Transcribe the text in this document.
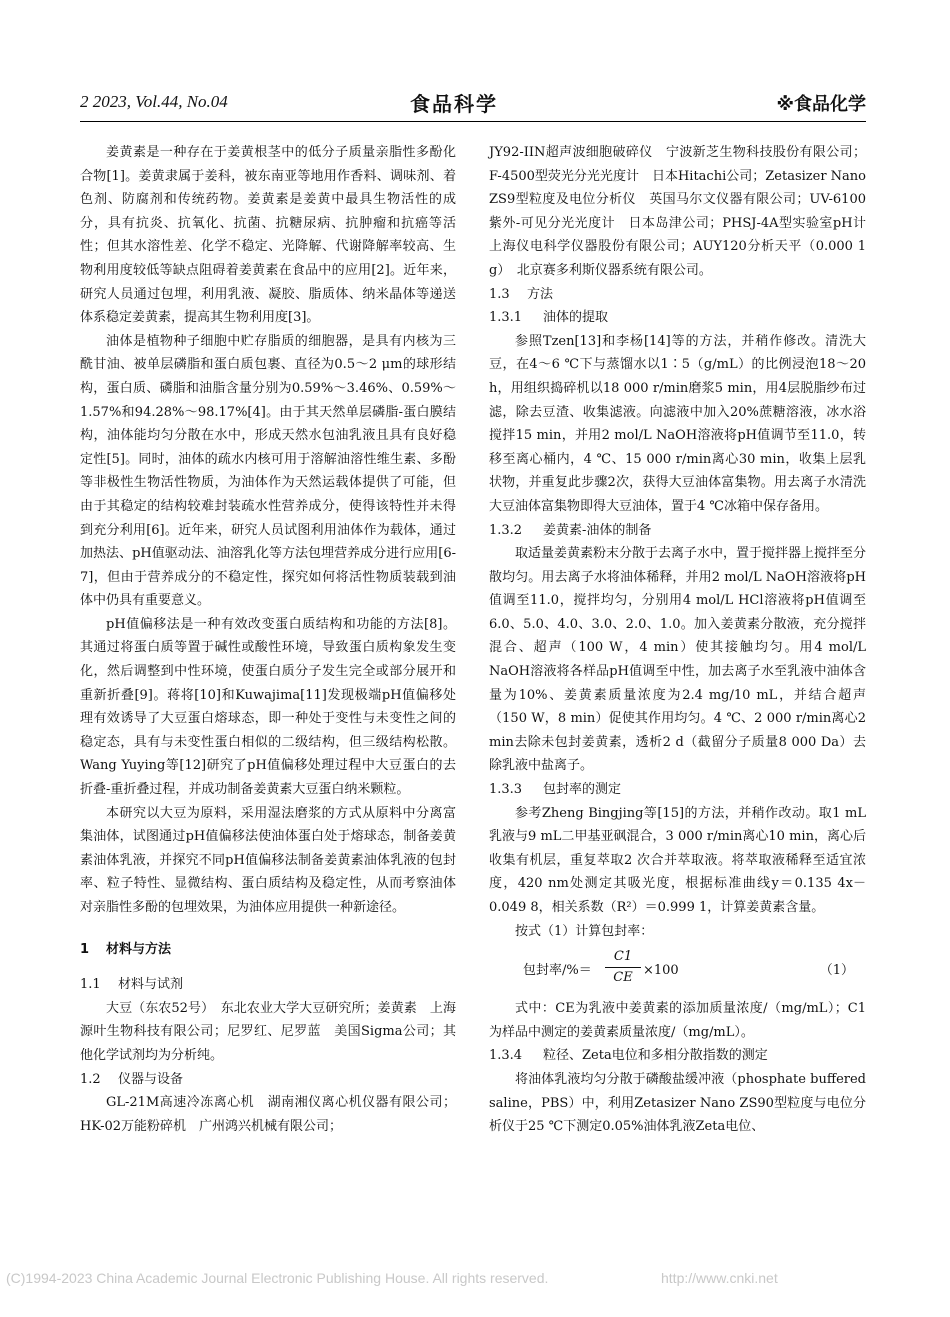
2 2023, Vol.44, No.04	食品科学	※食品化学

姜黄素是一种存在于姜黄根茎中的低分子质量亲脂性多酚化合物[1]。姜黄隶属于姜科，被东南亚等地用作香料、调味剂、着色剂、防腐剂和传统药物。姜黄素是姜黄中最具生物活性的成分，具有抗炎、抗氧化、抗菌、抗糖尿病、抗肿瘤和抗癌等活性；但其水溶性差、化学不稳定、光降解、代谢降解率较高、生物利用度较低等缺点阻碍着姜黄素在食品中的应用[2]。近年来，研究人员通过包埋，利用乳液、凝胶、脂质体、纳米晶体等递送体系稳定姜黄素，提高其生物利用度[3]。

油体是植物种子细胞中贮存脂质的细胞器，是具有内核为三酰甘油、被单层磷脂和蛋白质包裹、直径为0.5～2 μm的球形结构，蛋白质、磷脂和油脂含量分别为0.59%～3.46%、0.59%～1.57%和94.28%～98.17%[4]。由于其天然单层磷脂-蛋白膜结构，油体能均匀分散在水中，形成天然水包油乳液且具有良好稳定性[5]。同时，油体的疏水内核可用于溶解油溶性维生素、多酚等非极性生物活性物质，为油体作为天然运载体提供了可能，但由于其稳定的结构较难封装疏水性营养成分，使得该特性并未得到充分利用[6]。近年来，研究人员试图利用油体作为载体，通过加热法、pH值驱动法、油溶乳化等方法包埋营养成分进行应用[6-7]，但由于营养成分的不稳定性，探究如何将活性物质装载到油体中仍具有重要意义。

pH值偏移法是一种有效改变蛋白质结构和功能的方法[8]。其通过将蛋白质等置于碱性或酸性环境，导致蛋白质构象发生变化，然后调整到中性环境，使蛋白质分子发生完全或部分展开和重新折叠[9]。蒋将[10]和Kuwajima[11]发现极端pH值偏移处理有效诱导了大豆蛋白熔球态，即一种处于变性与未变性之间的稳定态，具有与未变性蛋白相似的二级结构，但三级结构松散。Wang Yuying等[12]研究了pH值偏移处理过程中大豆蛋白的去折叠-重折叠过程，并成功制备姜黄素大豆蛋白纳米颗粒。

本研究以大豆为原料，采用湿法磨浆的方式从原料中分离富集油体，试图通过pH值偏移法使油体蛋白处于熔球态，制备姜黄素油体乳液，并探究不同pH值偏移法制备姜黄素油体乳液的包封率、粒子特性、显微结构、蛋白质结构及稳定性，从而考察油体对亲脂性多酚的包埋效果，为油体应用提供一种新途径。

1 材料与方法
1.1 材料与试剂

大豆（东农52号）　东北农业大学大豆研究所；姜黄素　上海源叶生物科技有限公司；尼罗红、尼罗蓝　美国Sigma公司；其他化学试剂均为分析纯。

1.2 仪器与设备

GL-21M高速冷冻离心机　湖南湘仪离心机仪器有限公司；HK-02万能粉碎机　广州鸿兴机械有限公司；

JY92-IIN超声波细胞破碎仪　宁波新芝生物科技股份有限公司；F-4500型荧光分光光度计　日本Hitachi公司；Zetasizer Nano ZS9型粒度及电位分析仪　英国马尔文仪器有限公司；UV-6100紫外-可见分光光度计　日本岛津公司；PHSJ-4A型实验室pH计　上海仪电科学仪器股份有限公司；AUY120分析天平（0.000 1 g）　北京赛多利斯仪器系统有限公司。

1.3 方法
1.3.1 油体的提取

参照Tzen[13]和李杨[14]等的方法，并稍作修改。清洗大豆，在4～6 ℃下与蒸馏水以1∶5（g/mL）的比例浸泡18～20 h，用组织捣碎机以18 000 r/min磨浆5 min，用4层脱脂纱布过滤，除去豆渣、收集滤液。向滤液中加入20%蔗糖溶液，冰水浴搅拌15 min，并用2 mol/L NaOH溶液将pH值调节至11.0，转移至离心桶内，4 ℃、15 000 r/min离心30 min，收集上层乳状物，并重复此步骤2次，获得大豆油体富集物。用去离子水清洗大豆油体富集物即得大豆油体，置于4 ℃冰箱中保存备用。

1.3.2 姜黄素-油体的制备

取适量姜黄素粉末分散于去离子水中，置于搅拌器上搅拌至分散均匀。用去离子水将油体稀释，并用2 mol/L NaOH溶液将pH值调至11.0，搅拌均匀，分别用4 mol/L HCl溶液将pH值调至6.0、5.0、4.0、3.0、2.0、1.0。加入姜黄素分散液，充分搅拌混合、超声（100 W，4 min）使其接触均匀。用4 mol/L NaOH溶液将各样品pH值调至中性，加去离子水至乳液中油体含量为10%、姜黄素质量浓度为2.4 mg/10 mL，并结合超声（150 W，8 min）促使其作用均匀。4 ℃、2 000 r/min离心2 min去除未包封姜黄素，透析2 d（截留分子质量8 000 Da）去除乳液中盐离子。

1.3.3 包封率的测定

参考Zheng Bingjing等[15]的方法，并稍作改动。取1 mL乳液与9 mL二甲基亚砜混合，3 000 r/min离心10 min，离心后收集有机层，重复萃取2 次合并萃取液。将萃取液稀释至适宜浓度，420 nm处测定其吸光度，根据标准曲线y＝0.135 4x－0.049 8，相关系数（R²）＝0.999 1，计算姜黄素含量。

按式（1）计算包封率：

包封率/%＝ $\frac{C1}{CE} \times 100$	（1）

式中：CE为乳液中姜黄素的添加质量浓度/（mg/mL）；C1为样品中测定的姜黄素质量浓度/（mg/mL）。

1.3.4 粒径、Zeta电位和多相分散指数的测定

将油体乳液均匀分散于磷酸盐缓冲液（phosphate buffered saline，PBS）中，利用Zetasizer Nano ZS90型粒度与电位分析仪于25 ℃下测定0.05%油体乳液Zeta电位、

(C)1994-2023 China Academic Journal Electronic Publishing House. All rights reserved.	http://www.cnki.net
